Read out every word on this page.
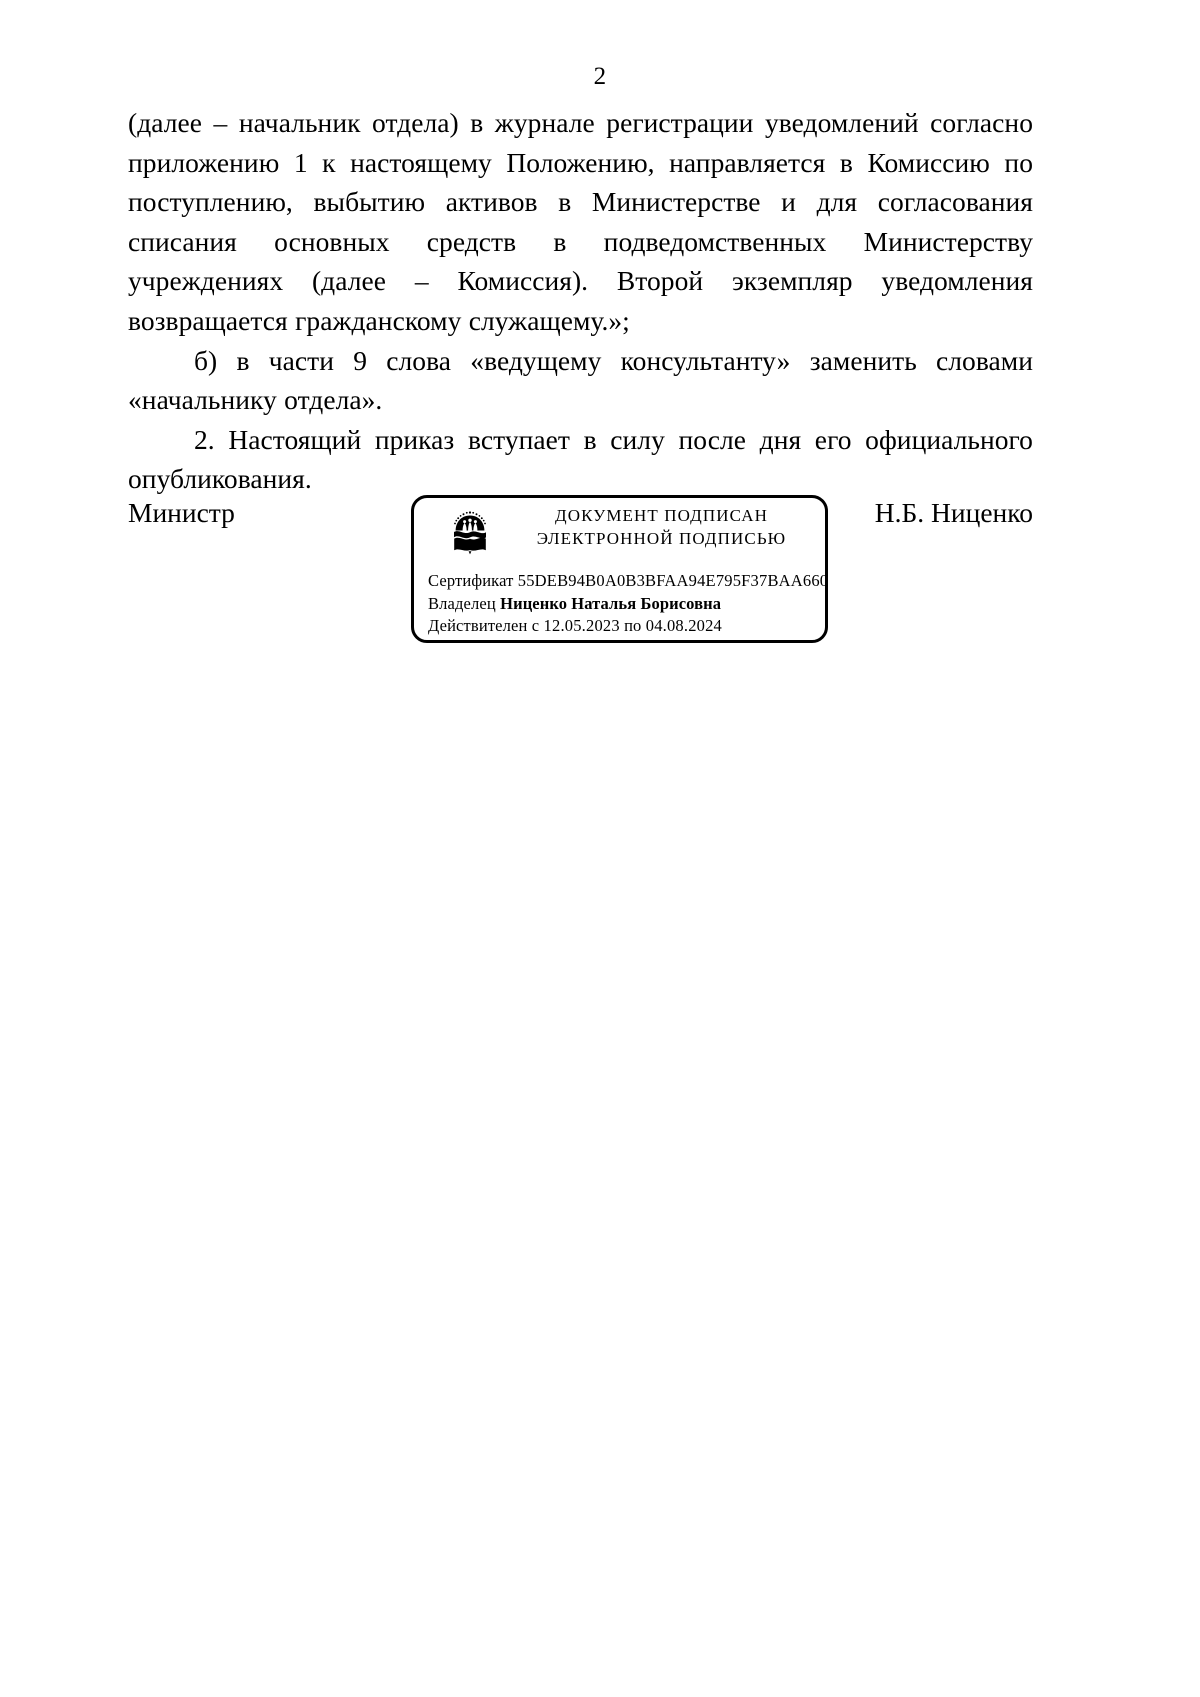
2

(далее – начальник отдела) в журнале регистрации уведомлений согласно приложению 1 к настоящему Положению, направляется в Комиссию по поступлению, выбытию активов в Министерстве и для согласования списания основных средств в подведомственных Министерству учреждениях (далее – Комиссия). Второй экземпляр уведомления возвращается гражданскому служащему.»;

б) в части 9 слова «ведущему консультанту» заменить словами «начальнику отдела».

2. Настоящий приказ вступает в силу после дня его официального опубликования.

Министр	Н.Б. Ниценко
ДОКУМЕНТ ПОДПИСАН
ЭЛЕКТРОННОЙ ПОДПИСЬЮ
Сертификат 55DEB94B0A0B3BFAA94E795F37BAA660
Владелец Ниценко Наталья Борисовна
Действителен с 12.05.2023 по 04.08.2024
